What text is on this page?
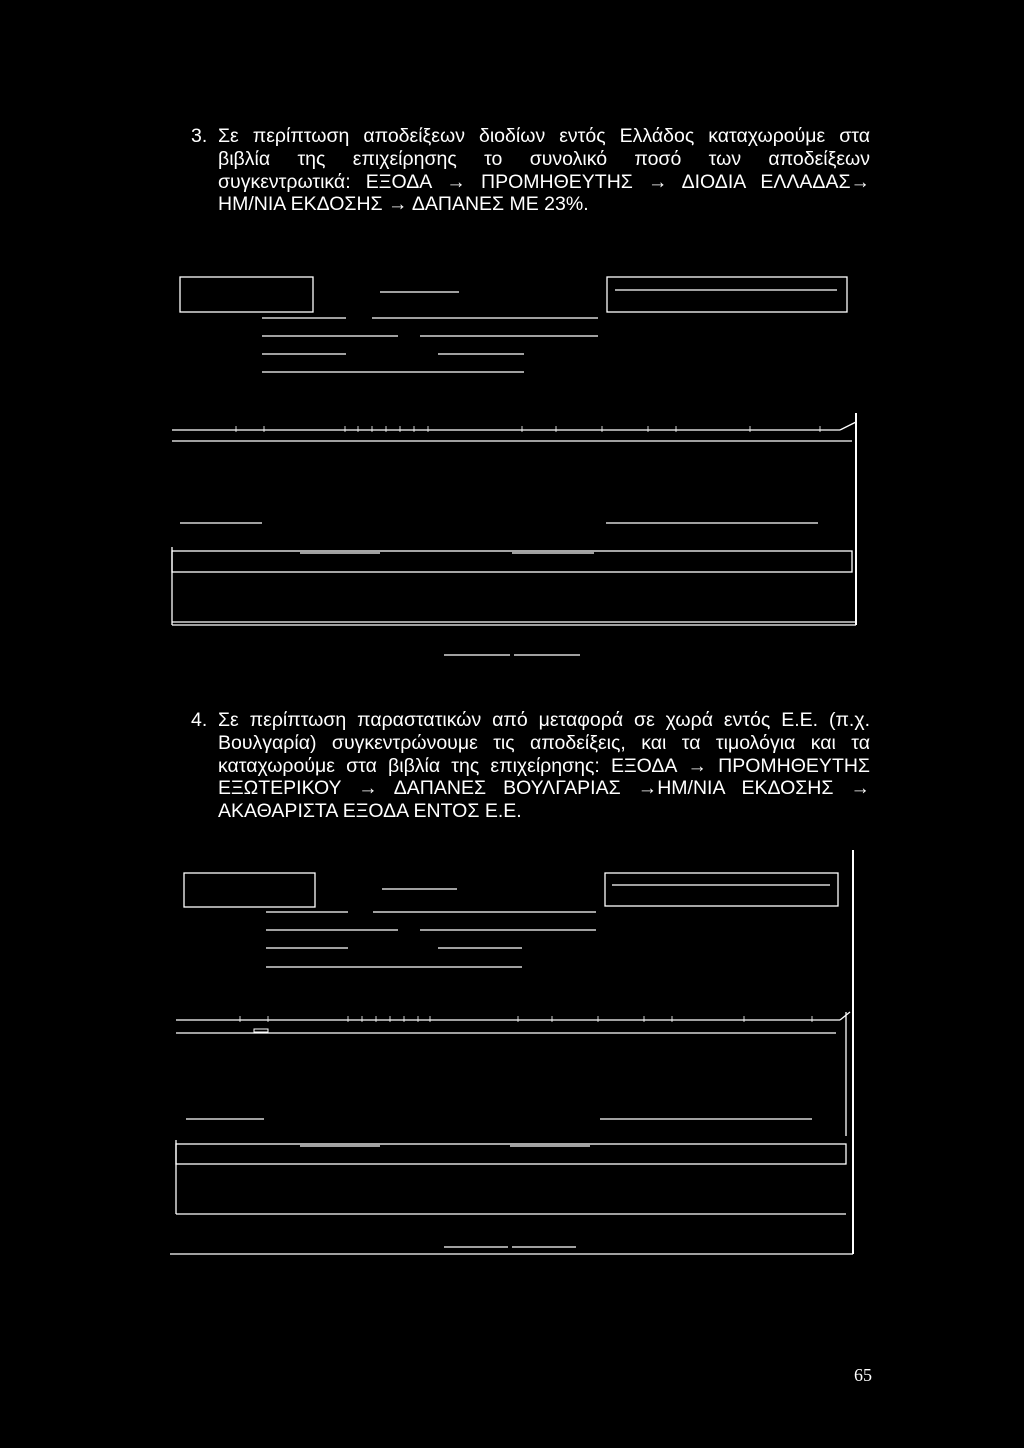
3. Σε περίπτωση αποδείξεων διοδίων εντός Ελλάδος καταχωρούμε στα
βιβλία της επιχείρησης το συνολικό ποσό των αποδείξεων
συγκεντρωτικά: ΕΞΟΔΑ → ΠΡΟΜΗΘΕΥΤΗΣ → ΔΙΟΔΙΑ ΕΛΛΑΔΑΣ→
ΗΜ/ΝΙΑ ΕΚΔΟΣΗΣ → ΔΑΠΑΝΕΣ ΜΕ 23%.
4. Σε περίπτωση παραστατικών από μεταφορά σε χωρά εντός Ε.Ε. (π.χ.
Βουλγαρία) συγκεντρώνουμε τις αποδείξεις, και τα τιμολόγια και τα
καταχωρούμε στα βιβλία της επιχείρησης: ΕΞΟΔΑ → ΠΡΟΜΗΘΕΥΤΗΣ
ΕΞΩΤΕΡΙΚΟΥ → ΔΑΠΑΝΕΣ ΒΟΥΛΓΑΡΙΑΣ →ΗΜ/ΝΙΑ ΕΚΔΟΣΗΣ →
ΑΚΑΘΑΡΙΣΤΑ ΕΞΟΔΑ ΕΝΤΟΣ Ε.Ε.
65
